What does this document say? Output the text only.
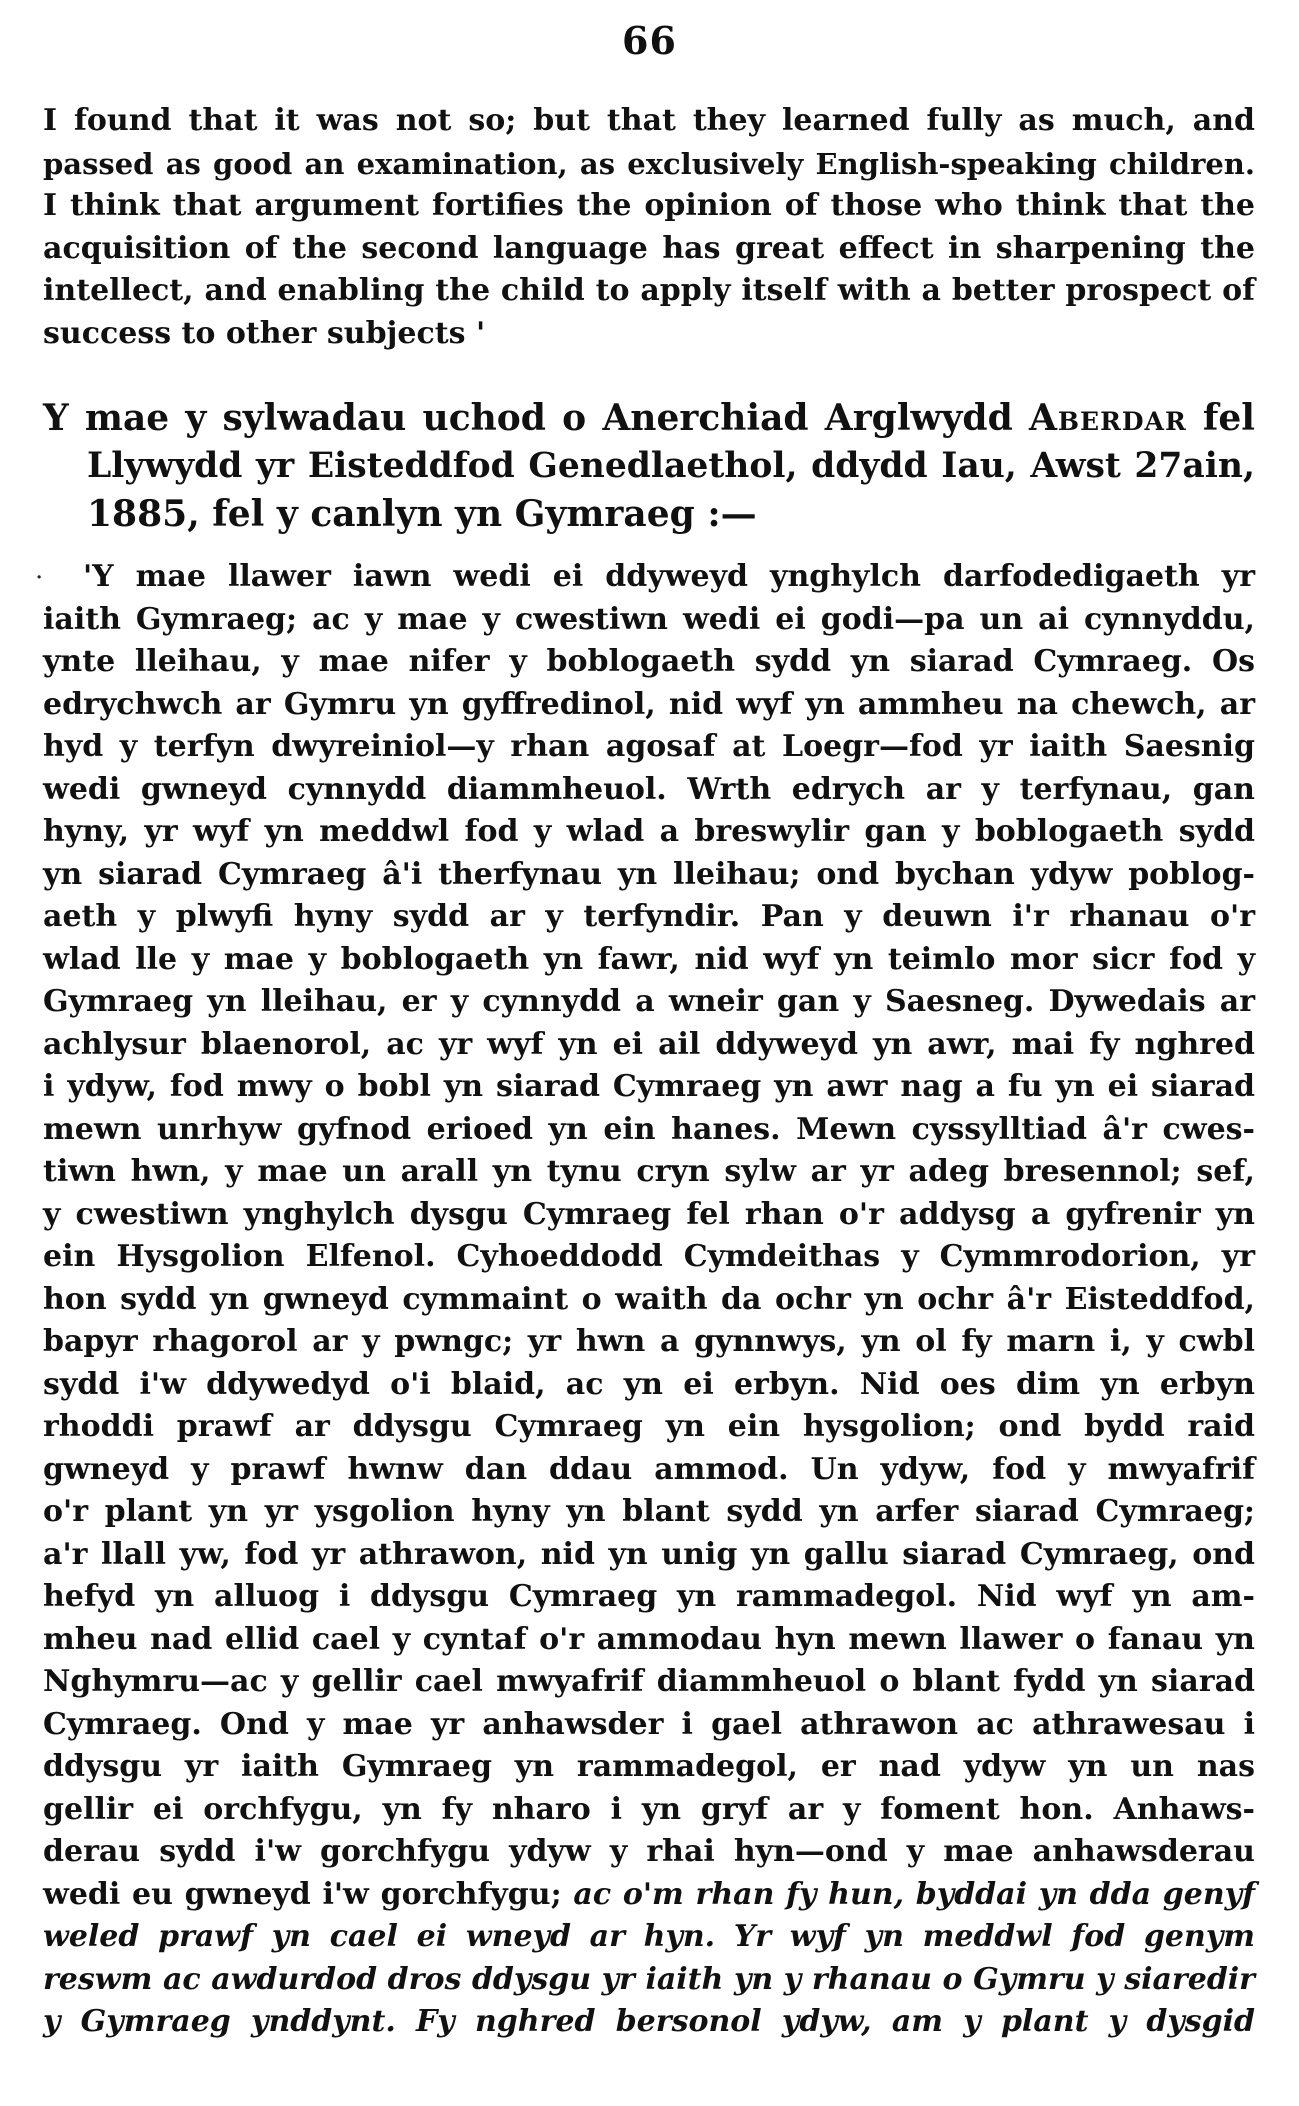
66
·
I found that it was not so; but that they learned fully as much, and
passed as good an examination, as exclusively English-speaking children.
I think that argument fortifies the opinion of those who think that the
acquisition of the second language has great effect in sharpening the
intellect, and enabling the child to apply itself with a better prospect of
success to other subjects '
Y mae y sylwadau uchod o Anerchiad Arglwydd Aberdar fel
Llywydd yr Eisteddfod Genedlaethol, ddydd Iau, Awst 27ain,
1885, fel y canlyn yn Gymraeg :—
'Y mae llawer iawn wedi ei ddyweyd ynghylch darfodedigaeth yr
iaith Gymraeg; ac y mae y cwestiwn wedi ei godi—pa un ai cynnyddu,
ynte lleihau, y mae nifer y boblogaeth sydd yn siarad Cymraeg. Os
edrychwch ar Gymru yn gyffredinol, nid wyf yn ammheu na chewch, ar
hyd y terfyn dwyreiniol—y rhan agosaf at Loegr—fod yr iaith Saesnig
wedi gwneyd cynnydd diammheuol. Wrth edrych ar y terfynau, gan
hyny, yr wyf yn meddwl fod y wlad a breswylir gan y boblogaeth sydd
yn siarad Cymraeg â'i therfynau yn lleihau; ond bychan ydyw poblog-
aeth y plwyfi hyny sydd ar y terfyndir. Pan y deuwn i'r rhanau o'r
wlad lle y mae y boblogaeth yn fawr, nid wyf yn teimlo mor sicr fod y
Gymraeg yn lleihau, er y cynnydd a wneir gan y Saesneg. Dywedais ar
achlysur blaenorol, ac yr wyf yn ei ail ddyweyd yn awr, mai fy nghred
i ydyw, fod mwy o bobl yn siarad Cymraeg yn awr nag a fu yn ei siarad
mewn unrhyw gyfnod erioed yn ein hanes. Mewn cyssylltiad â'r cwes-
tiwn hwn, y mae un arall yn tynu cryn sylw ar yr adeg bresennol; sef,
y cwestiwn ynghylch dysgu Cymraeg fel rhan o'r addysg a gyfrenir yn
ein Hysgolion Elfenol. Cyhoeddodd Cymdeithas y Cymmrodorion, yr
hon sydd yn gwneyd cymmaint o waith da ochr yn ochr â'r Eisteddfod,
bapyr rhagorol ar y pwngc; yr hwn a gynnwys, yn ol fy marn i, y cwbl
sydd i'w ddywedyd o'i blaid, ac yn ei erbyn. Nid oes dim yn erbyn
rhoddi prawf ar ddysgu Cymraeg yn ein hysgolion; ond bydd raid
gwneyd y prawf hwnw dan ddau ammod. Un ydyw, fod y mwyafrif
o'r plant yn yr ysgolion hyny yn blant sydd yn arfer siarad Cymraeg;
a'r llall yw, fod yr athrawon, nid yn unig yn gallu siarad Cymraeg, ond
hefyd yn alluog i ddysgu Cymraeg yn rammadegol. Nid wyf yn am-
mheu nad ellid cael y cyntaf o'r ammodau hyn mewn llawer o fanau yn
Nghymru—ac y gellir cael mwyafrif diammheuol o blant fydd yn siarad
Cymraeg. Ond y mae yr anhawsder i gael athrawon ac athrawesau i
ddysgu yr iaith Gymraeg yn rammadegol, er nad ydyw yn un nas
gellir ei orchfygu, yn fy nharo i yn gryf ar y foment hon. Anhaws-
derau sydd i'w gorchfygu ydyw y rhai hyn—ond y mae anhawsderau
wedi eu gwneyd i'w gorchfygu; ac o'm rhan fy hun, byddai yn dda genyf
weled prawf yn cael ei wneyd ar hyn. Yr wyf yn meddwl fod genym
reswm ac awdurdod dros ddysgu yr iaith yn y rhanau o Gymru y siaredir
y Gymraeg ynddynt. Fy nghred bersonol ydyw, am y plant y dysgid
